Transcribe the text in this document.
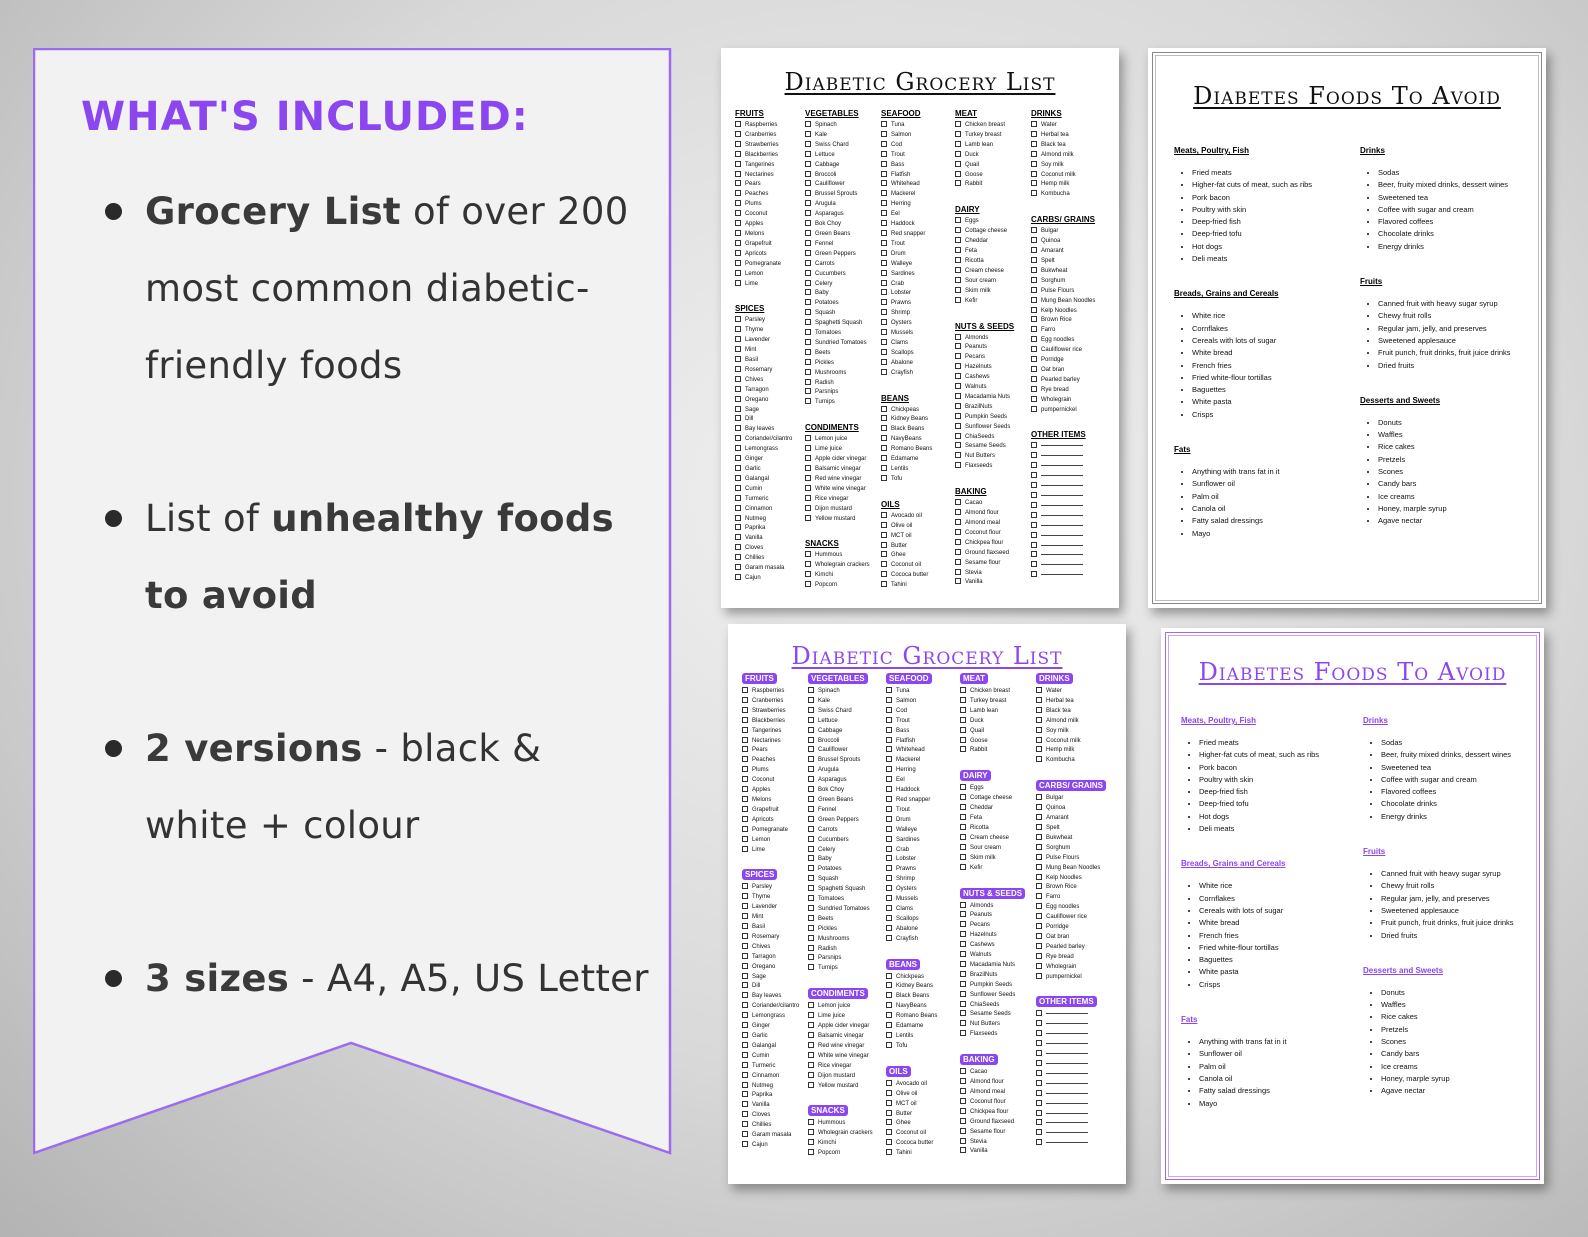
WHAT'S INCLUDED:
Grocery List of over 200 most common diabetic-friendly foods
List of unhealthy foods to avoid
2 versions - black & white + colour
3 sizes - A4, A5, US Letter
Diabetic Grocery List
FRUITS
Raspberries
Cranberries
Strawberries
Blackberries
Tangerines
Nectarines
Pears
Peaches
Plums
Coconut
Apples
Melons
Grapefruit
Apricots
Pomegranate
Lemon
Lime
SPICES
Parsley
Thyme
Lavender
Mint
Basil
Rosemary
Chives
Tarragon
Oregano
Sage
Dill
Bay leaves
Coriander/cilantro
Lemongrass
Ginger
Garlic
Galangal
Cumin
Turmeric
Cinnamon
Nutmeg
Paprika
Vanilla
Cloves
Chillies
Garam masala
Cajun
VEGETABLES
Spinach
Kale
Swiss Chard
Lettuce
Cabbage
Broccoli
Cauliflower
Brussel Sprouts
Arugula
Asparagus
Bok Choy
Green Beans
Fennel
Green Peppers
Carrots
Cucumbers
Celery
Baby
Potatoes
Squash
Spaghetti Squash
Tomatoes
Sundried Tomatoes
Beets
Pickles
Mushrooms
Radish
Parsnips
Turnips
CONDIMENTS
Lemon juice
Lime juice
Apple cider vinegar
Balsamic vinegar
Red wine vinegar
White wine vinegar
Rice vinegar
Dijon mustard
Yellow mustard
SNACKS
Hummous
Wholegrain crackers
Kimchi
Popcorn
SEAFOOD
Tuna
Salmon
Cod
Trout
Bass
Flatfish
Whitehead
Mackerel
Herring
Eel
Haddock
Red snapper
Trout
Drum
Walleye
Sardines
Crab
Lobster
Prawns
Shrimp
Oysters
Mussels
Clams
Scallops
Abalone
Crayfish
BEANS
Chickpeas
Kidney Beans
Black Beans
NavyBeans
Romano Beans
Edamame
Lentils
Tofu
OILS
Avocado oil
Olive oil
MCT oil
Butter
Ghee
Coconut oil
Cococa butter
Tahini
MEAT
Chicken breast
Turkey breast
Lamb lean
Duck
Quail
Goose
Rabbit
DAIRY
Eggs
Cottage cheese
Cheddar
Feta
Ricotta
Cream cheese
Sour cream
Skim milk
Kefir
NUTS & SEEDS
Almonds
Peanuts
Pecans
Hazelnuts
Cashews
Walnuts
Macadamia Nuts
BrazilNuts
Pumpkin Seeds
Sunflower Seeds
ChiaSeeds
Sesame Seeds
Nut Butters
Flaxseeds
BAKING
Cacao
Almond flour
Almond meal
Coconut flour
Chickpea flour
Ground flaxseed
Sesame flour
Stevia
Vanilla
DRINKS
Water
Herbal tea
Black tea
Almond milk
Soy milk
Coconut milk
Hemp milk
Kombucha
CARBS/ GRAINS
Bulgar
Quinoa
Amarant
Spelt
Bukwheat
Sorghum
Pulse Flours
Mung Bean Noodles
Kelp Noodles
Brown Rice
Farro
Egg noodles
Cauliflower rice
Porridge
Oat bran
Pearled barley
Rye bread
Wholegrain
pumpernickel
OTHER ITEMS
Diabetes Foods To Avoid
Meats, Poultry, Fish
• Fried meats
• Higher-fat cuts of meat, such as ribs
• Pork bacon
• Poultry with skin
• Deep-fried fish
• Deep-fried tofu
• Hot dogs
• Deli meats
Breads, Grains and Cereals
• White rice
• Cornflakes
• Cereals with lots of sugar
• White bread
• French fries
• Fried white-flour tortillas
• Baguettes
• White pasta
• Crisps
Fats
• Anything with trans fat in it
• Sunflower oil
• Palm oil
• Canola oil
• Fatty salad dressings
• Mayo
Drinks
• Sodas
• Beer, fruity mixed drinks, dessert wines
• Sweetened tea
• Coffee with sugar and cream
• Flavored coffees
• Chocolate drinks
• Energy drinks
Fruits
• Canned fruit with heavy sugar syrup
• Chewy fruit rolls
• Regular jam, jelly, and preserves
• Sweetened applesauce
• Fruit punch, fruit drinks, fruit juice drinks
• Dried fruits
Desserts and Sweets
• Donuts
• Waffles
• Rice cakes
• Pretzels
• Scones
• Candy bars
• Ice creams
• Honey, marple syrup
• Agave nectar
Diabetic Grocery List
FRUITS
Raspberries
Cranberries
Strawberries
Blackberries
Tangerines
Nectarines
Pears
Peaches
Plums
Coconut
Apples
Melons
Grapefruit
Apricots
Pomegranate
Lemon
Lime
SPICES
Parsley
Thyme
Lavender
Mint
Basil
Rosemary
Chives
Tarragon
Oregano
Sage
Dill
Bay leaves
Coriander/cilantro
Lemongrass
Ginger
Garlic
Galangal
Cumin
Turmeric
Cinnamon
Nutmeg
Paprika
Vanilla
Cloves
Chillies
Garam masala
Cajun
VEGETABLES
Spinach
Kale
Swiss Chard
Lettuce
Cabbage
Broccoli
Cauliflower
Brussel Sprouts
Arugula
Asparagus
Bok Choy
Green Beans
Fennel
Green Peppers
Carrots
Cucumbers
Celery
Baby
Potatoes
Squash
Spaghetti Squash
Tomatoes
Sundried Tomatoes
Beets
Pickles
Mushrooms
Radish
Parsnips
Turnips
CONDIMENTS
Lemon juice
Lime juice
Apple cider vinegar
Balsamic vinegar
Red wine vinegar
White wine vinegar
Rice vinegar
Dijon mustard
Yellow mustard
SNACKS
Hummous
Wholegrain crackers
Kimchi
Popcorn
SEAFOOD
Tuna
Salmon
Cod
Trout
Bass
Flatfish
Whitehead
Mackerel
Herring
Eel
Haddock
Red snapper
Trout
Drum
Walleye
Sardines
Crab
Lobster
Prawns
Shrimp
Oysters
Mussels
Clams
Scallops
Abalone
Crayfish
BEANS
Chickpeas
Kidney Beans
Black Beans
NavyBeans
Romano Beans
Edamame
Lentils
Tofu
OILS
Avocado oil
Olive oil
MCT oil
Butter
Ghee
Coconut oil
Cococa butter
Tahini
MEAT
Chicken breast
Turkey breast
Lamb lean
Duck
Quail
Goose
Rabbit
DAIRY
Eggs
Cottage cheese
Cheddar
Feta
Ricotta
Cream cheese
Sour cream
Skim milk
Kefir
NUTS & SEEDS
Almonds
Peanuts
Pecans
Hazelnuts
Cashews
Walnuts
Macadamia Nuts
BrazilNuts
Pumpkin Seeds
Sunflower Seeds
ChiaSeeds
Sesame Seeds
Nut Butters
Flaxseeds
BAKING
Cacao
Almond flour
Almond meal
Coconut flour
Chickpea flour
Ground flaxseed
Sesame flour
Stevia
Vanilla
DRINKS
Water
Herbal tea
Black tea
Almond milk
Soy milk
Coconut milk
Hemp milk
Kombucha
CARBS/ GRAINS
Bulgar
Quinoa
Amarant
Spelt
Bukwheat
Sorghum
Pulse Flours
Mung Bean Noodles
Kelp Noodles
Brown Rice
Farro
Egg noodles
Cauliflower rice
Porridge
Oat bran
Pearled barley
Rye bread
Wholegrain
pumpernickel
OTHER ITEMS
Diabetes Foods To Avoid
Meats, Poultry, Fish
• Fried meats
• Higher-fat cuts of meat, such as ribs
• Pork bacon
• Poultry with skin
• Deep-fried fish
• Deep-fried tofu
• Hot dogs
• Deli meats
Breads, Grains and Cereals
• White rice
• Cornflakes
• Cereals with lots of sugar
• White bread
• French fries
• Fried white-flour tortillas
• Baguettes
• White pasta
• Crisps
Fats
• Anything with trans fat in it
• Sunflower oil
• Palm oil
• Canola oil
• Fatty salad dressings
• Mayo
Drinks
• Sodas
• Beer, fruity mixed drinks, dessert wines
• Sweetened tea
• Coffee with sugar and cream
• Flavored coffees
• Chocolate drinks
• Energy drinks
Fruits
• Canned fruit with heavy sugar syrup
• Chewy fruit rolls
• Regular jam, jelly, and preserves
• Sweetened applesauce
• Fruit punch, fruit drinks, fruit juice drinks
• Dried fruits
Desserts and Sweets
• Donuts
• Waffles
• Rice cakes
• Pretzels
• Scones
• Candy bars
• Ice creams
• Honey, marple syrup
• Agave nectar
